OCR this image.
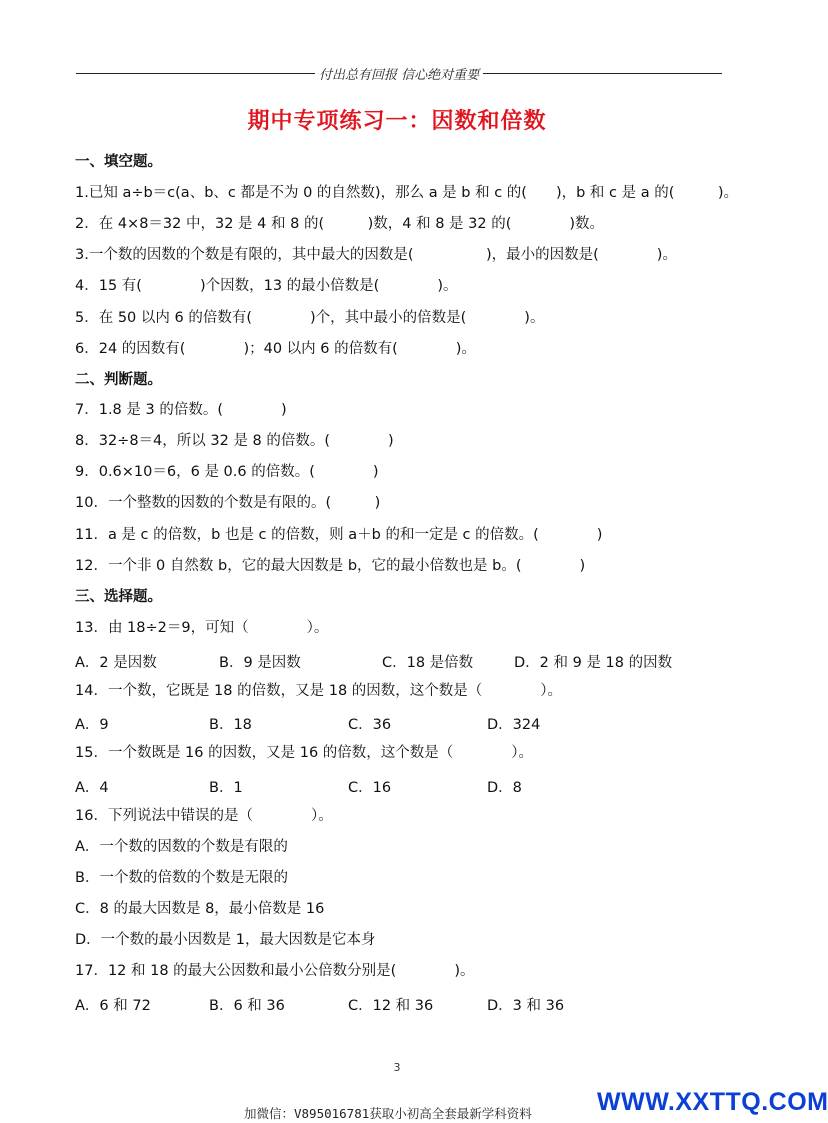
付出总有回报 信心绝对重要
期中专项练习一：因数和倍数
一、填空题。
1.已知 a÷b＝c(a、b、c 都是不为 0 的自然数)，那么 a 是 b 和 c 的(　　)，b 和 c 是 a 的(　　　)。
2．在 4×8＝32 中，32 是 4 和 8 的(　　　)数，4 和 8 是 32 的(　　　　)数。
3.一个数的因数的个数是有限的，其中最大的因数是(　　　　　)，最小的因数是(　　　　)。
4．15 有(　　　　)个因数，13 的最小倍数是(　　　　)。
5．在 50 以内 6 的倍数有(　　　　)个，其中最小的倍数是(　　　　)。
6．24 的因数有(　　　　)；40 以内 6 的倍数有(　　　　)。
二、判断题。
7．1.8 是 3 的倍数。(　　　　)
8．32÷8＝4，所以 32 是 8 的倍数。(　　　　)
9．0.6×10＝6，6 是 0.6 的倍数。(　　　　)
10．一个整数的因数的个数是有限的。(　　　)
11．a 是 c 的倍数，b 也是 c 的倍数，则 a＋b 的和一定是 c 的倍数。(　　　　)
12．一个非 0 自然数 b，它的最大因数是 b，它的最小倍数也是 b。(　　　　)
三、选择题。
13．由 18÷2＝9，可知（　　　　）。
A．2 是因数	B．9 是因数	C．18 是倍数	D．2 和 9 是 18 的因数
14．一个数，它既是 18 的倍数，又是 18 的因数，这个数是（　　　　）。
A．9	B．18	C．36	D．324
15．一个数既是 16 的因数，又是 16 的倍数，这个数是（　　　　）。
A．4	B．1	C．16	D．8
16．下列说法中错误的是（　　　　）。
A．一个数的因数的个数是有限的
B．一个数的倍数的个数是无限的
C．8 的最大因数是 8，最小倍数是 16
D．一个数的最小因数是 1，最大因数是它本身
17．12 和 18 的最大公因数和最小公倍数分别是(　　　　)。
A．6 和 72	B．6 和 36	C．12 和 36	D．3 和 36
3
加微信：V895016781获取小初高全套最新学科资料	WWW.XXTTQ.COM
